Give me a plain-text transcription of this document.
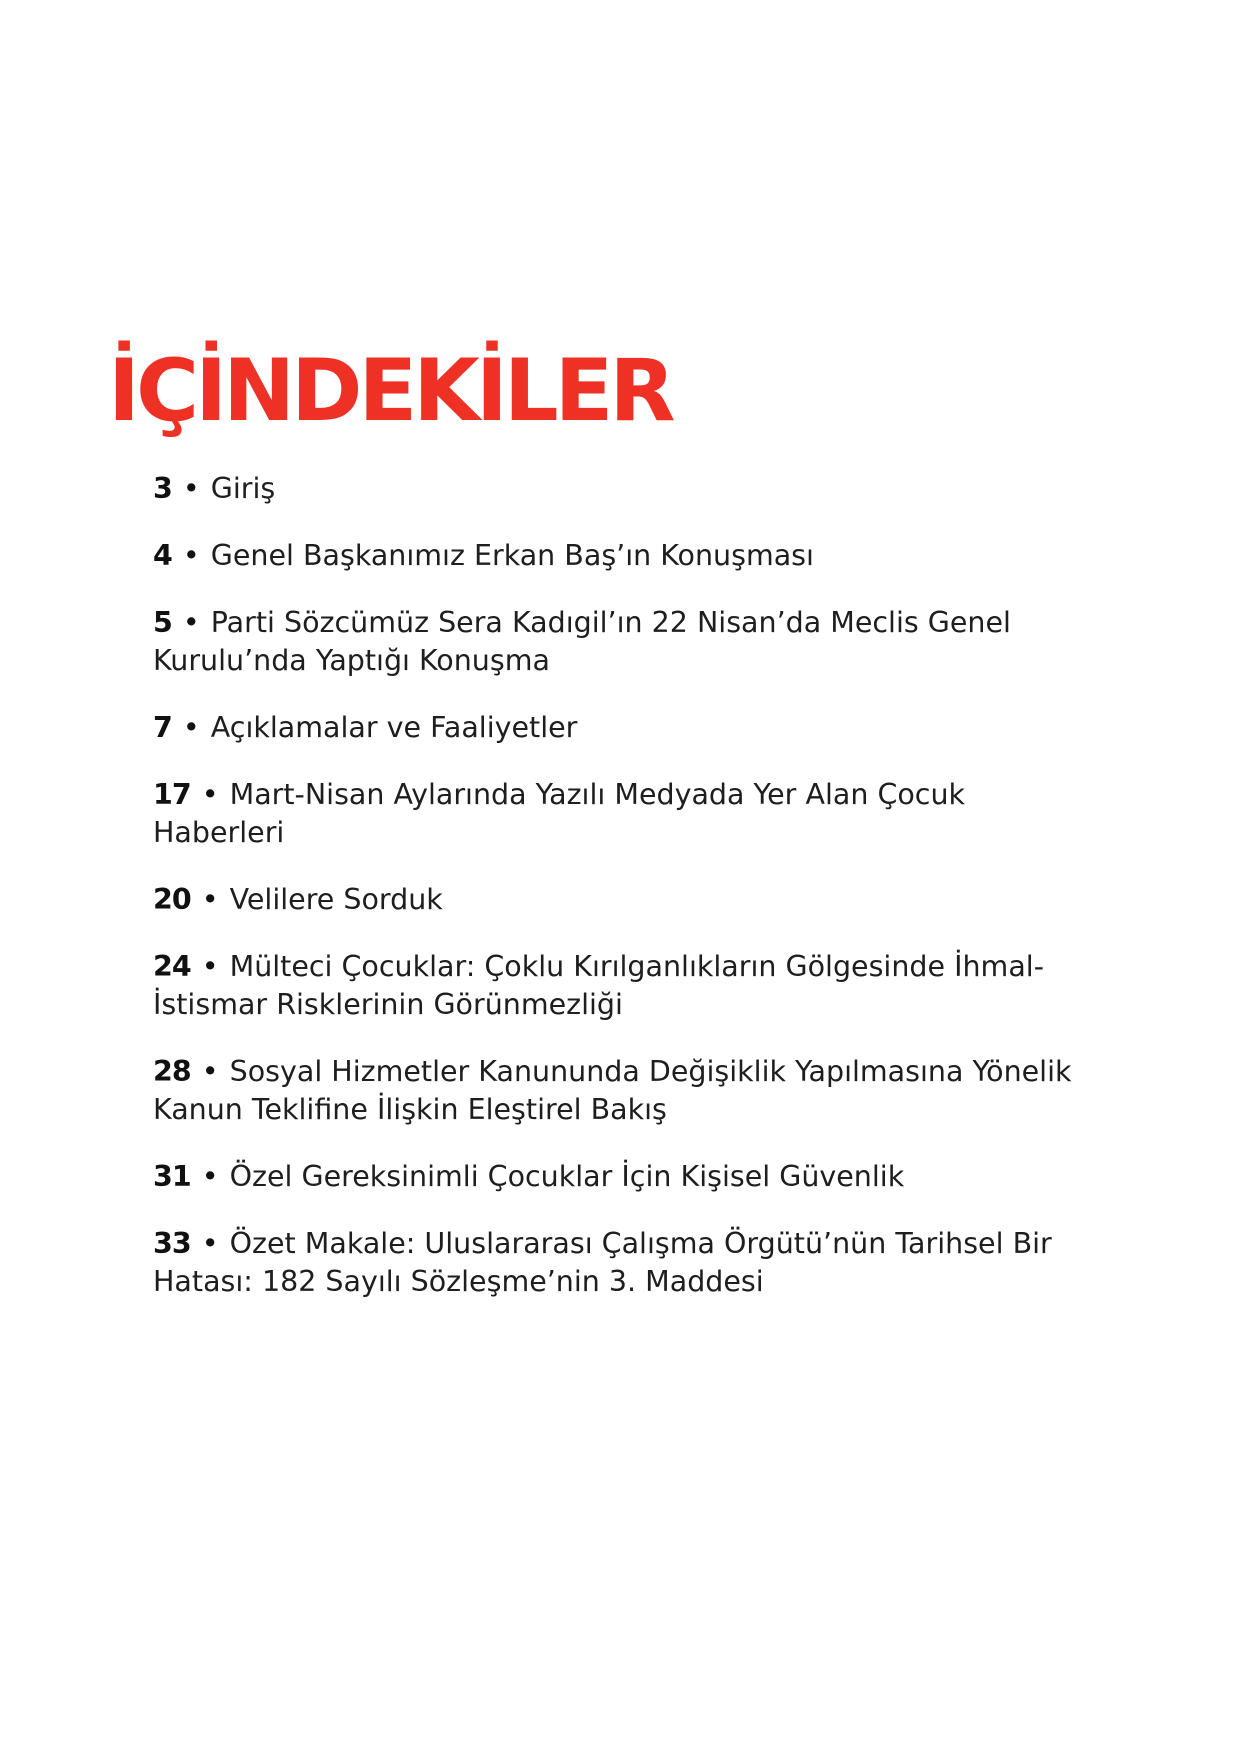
İÇİNDEKİLER
3 • Giriş
4 • Genel Başkanımız Erkan Baş’ın Konuşması
5 • Parti Sözcümüz Sera Kadıgil’ın 22 Nisan’da Meclis Genel Kurulu’nda Yaptığı Konuşma
7 • Açıklamalar ve Faaliyetler
17 • Mart-Nisan Aylarında Yazılı Medyada Yer Alan Çocuk Haberleri
20 • Velilere Sorduk
24 • Mülteci Çocuklar: Çoklu Kırılganlıkların Gölgesinde İhmal-İstismar Risklerinin Görünmezliği
28 • Sosyal Hizmetler Kanununda Değişiklik Yapılmasına Yönelik Kanun Teklifine İlişkin Eleştirel Bakış
31 • Özel Gereksinimli Çocuklar İçin Kişisel Güvenlik
33 • Özet Makale: Uluslararası Çalışma Örgütü’nün Tarihsel Bir Hatası: 182 Sayılı Sözleşme’nin 3. Maddesi
